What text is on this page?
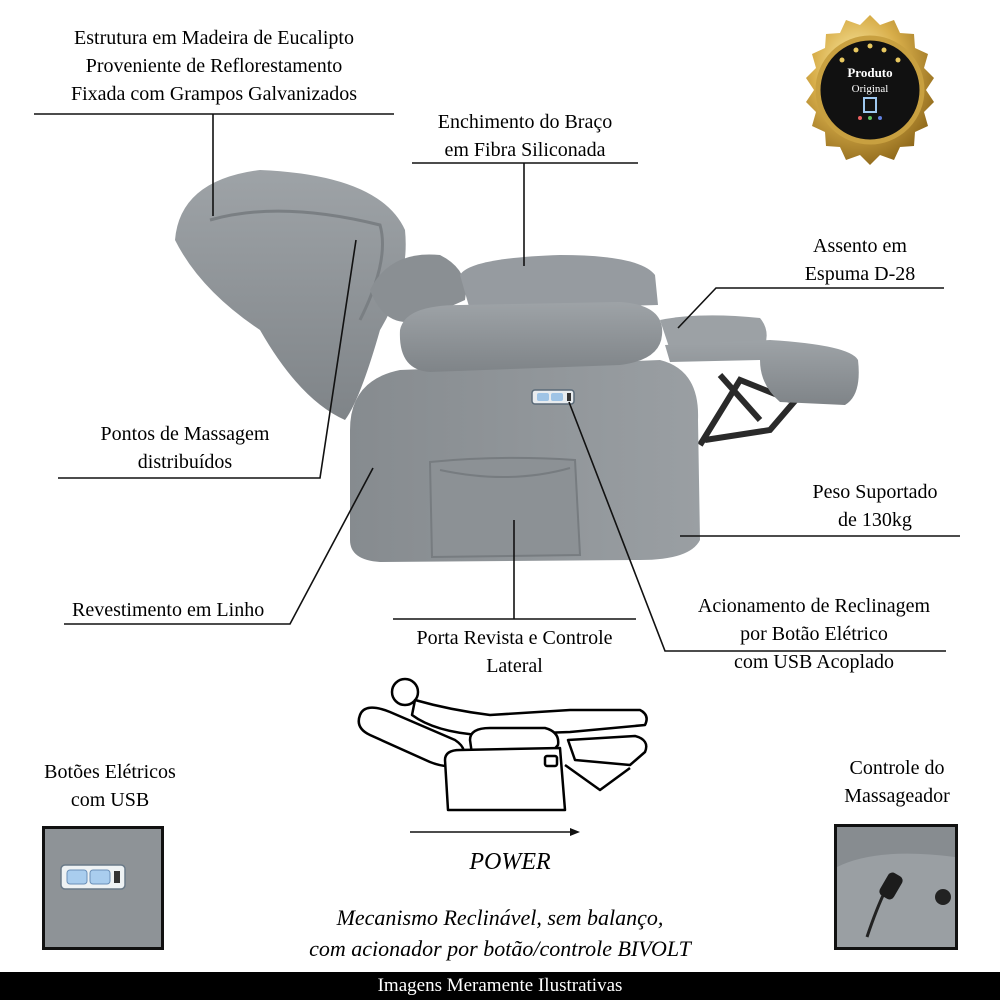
Estrutura em Madeira de Eucalipto
Proveniente de Reflorestamento
Fixada com Grampos Galvanizados
Enchimento do Braço
em Fibra Siliconada
Assento em
Espuma D-28
Pontos de Massagem
distribuídos
Peso Suportado
de 130kg
Revestimento em Linho
Porta Revista e Controle
Lateral
Acionamento de Reclinagem
por Botão Elétrico
com USB Acoplado
Botões Elétricos
com USB
Controle do
Massageador
POWER
Mecanismo Reclinável, sem balanço,
com acionador por botão/controle BIVOLT
Produto
Original
Imagens Meramente Ilustrativas
